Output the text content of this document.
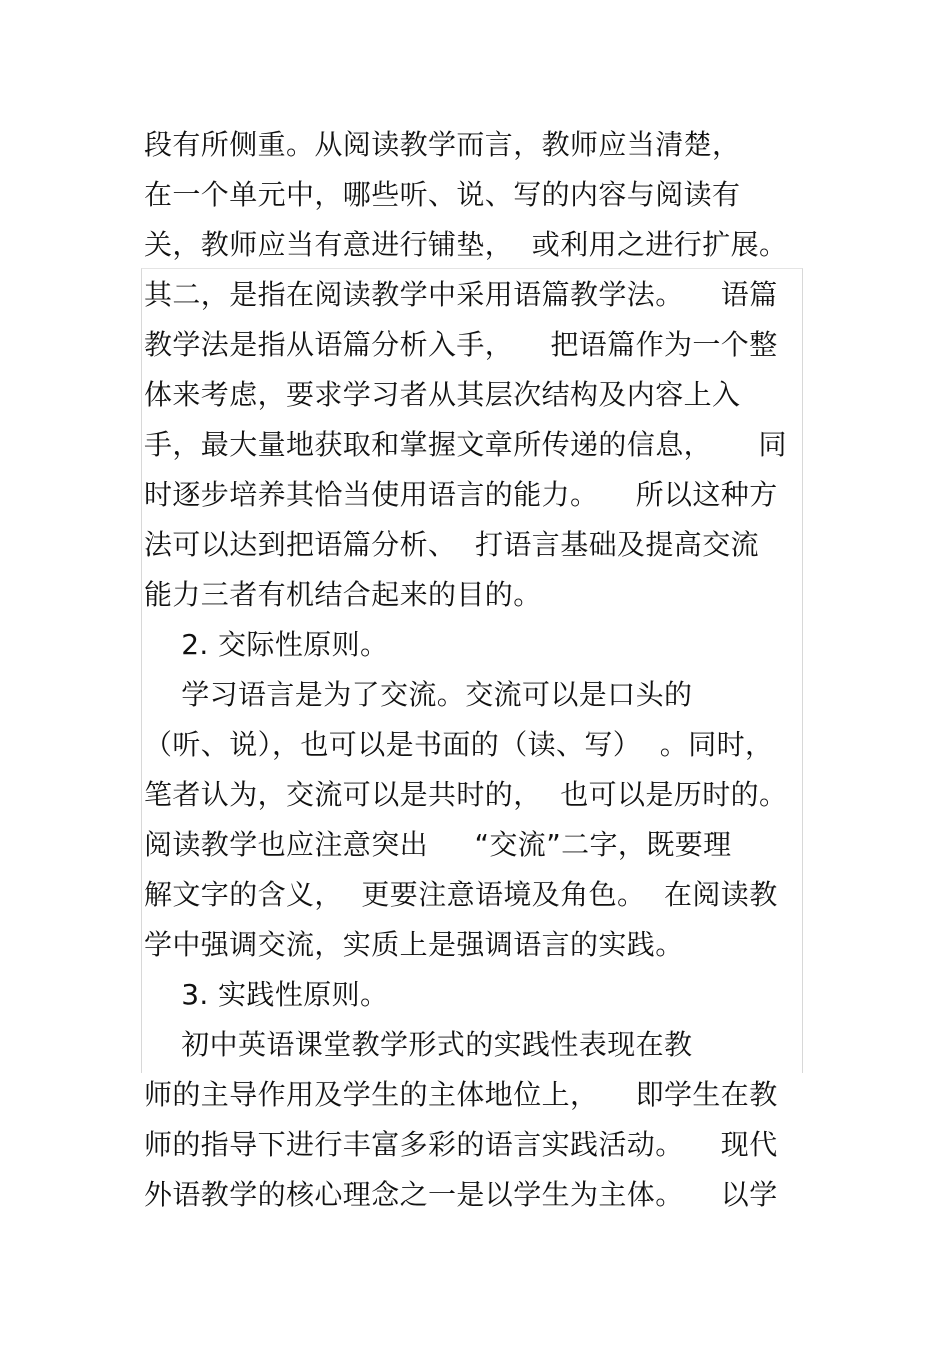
段有所侧重。从阅读教学而言，教师应当清楚，
在一个单元中，哪些听、说、写的内容与阅读有
关，教师应当有意进行铺垫，  或利用之进行扩展。
其二，是指在阅读教学中采用语篇教学法。    语篇
教学法是指从语篇分析入手，    把语篇作为一个整
体来考虑，要求学习者从其层次结构及内容上入
手，最大量地获取和掌握文章所传递的信息，     同
时逐步培养其恰当使用语言的能力。    所以这种方
法可以达到把语篇分析、  打语言基础及提高交流
能力三者有机结合起来的目的。
2. 交际性原则。
学习语言是为了交流。交流可以是口头的
（听、说），也可以是书面的（读、写）  。同时，
笔者认为，交流可以是共时的，  也可以是历时的。
阅读教学也应注意突出     “交流”二字，既要理
解文字的含义，  更要注意语境及角色。  在阅读教
学中强调交流，实质上是强调语言的实践。
3. 实践性原则。
初中英语课堂教学形式的实践性表现在教
师的主导作用及学生的主体地位上，    即学生在教
师的指导下进行丰富多彩的语言实践活动。    现代
外语教学的核心理念之一是以学生为主体。    以学
